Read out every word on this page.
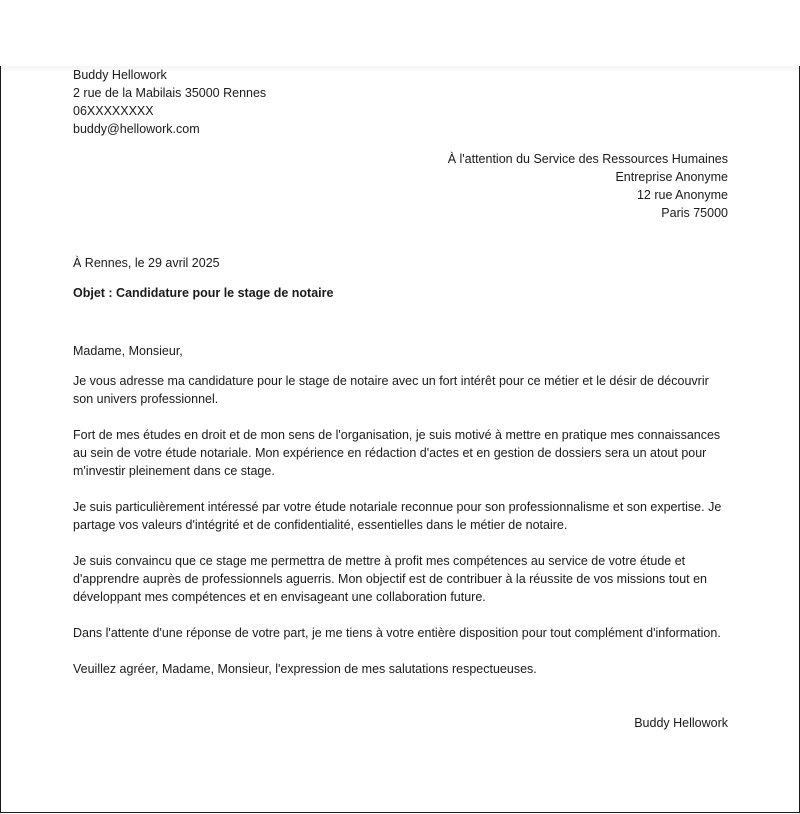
Buddy Hellowork
2 rue de la Mabilais 35000 Rennes
06XXXXXXXX
buddy@hellowork.com
À l'attention du Service des Ressources Humaines
Entreprise Anonyme
12 rue Anonyme
Paris 75000
À Rennes, le 29 avril 2025
Objet : Candidature pour le stage de notaire
Madame, Monsieur,
Je vous adresse ma candidature pour le stage de notaire avec un fort intérêt pour ce métier et le désir de découvrir son univers professionnel.
Fort de mes études en droit et de mon sens de l'organisation, je suis motivé à mettre en pratique mes connaissances au sein de votre étude notariale. Mon expérience en rédaction d'actes et en gestion de dossiers sera un atout pour m'investir pleinement dans ce stage.
Je suis particulièrement intéressé par votre étude notariale reconnue pour son professionnalisme et son expertise. Je partage vos valeurs d'intégrité et de confidentialité, essentielles dans le métier de notaire.
Je suis convaincu que ce stage me permettra de mettre à profit mes compétences au service de votre étude et d'apprendre auprès de professionnels aguerris. Mon objectif est de contribuer à la réussite de vos missions tout en développant mes compétences et en envisageant une collaboration future.
Dans l'attente d'une réponse de votre part, je me tiens à votre entière disposition pour tout complément d'information.
Veuillez agréer, Madame, Monsieur, l'expression de mes salutations respectueuses.
Buddy Hellowork
